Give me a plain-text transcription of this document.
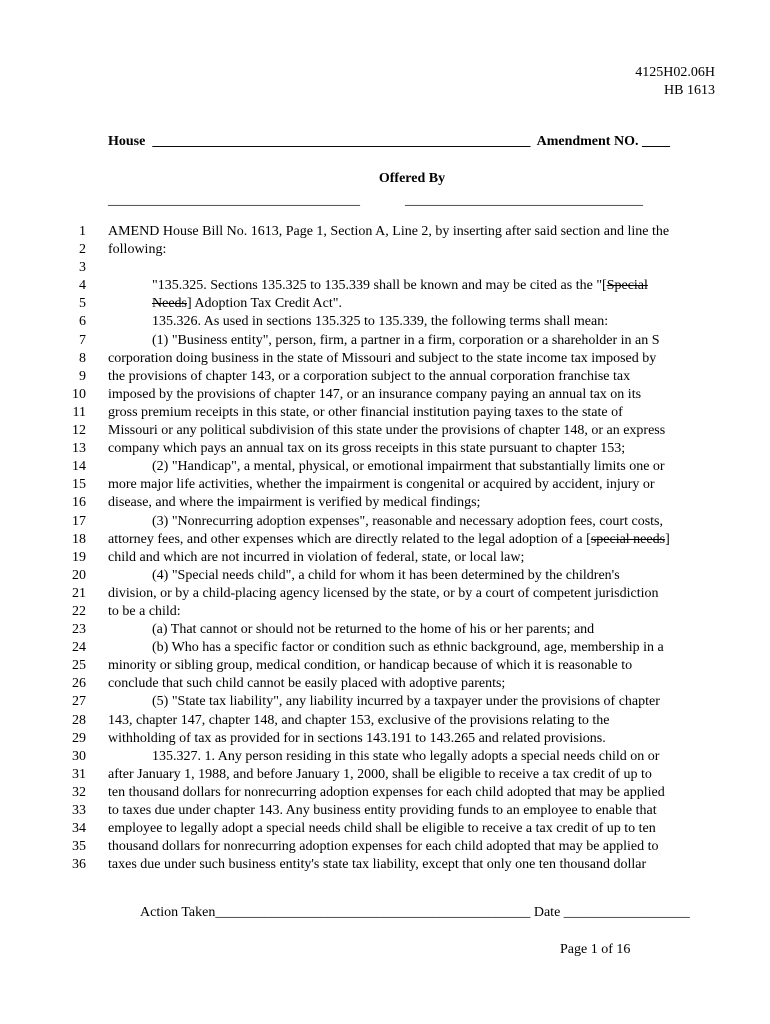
4125H02.06H
HB 1613
House  ______________________________________________________  Amendment NO. ____
Offered By
____________________________________	__________________________________
1
2
3
4
5
6
7
8
9
10
11
12
13
14
15
16
17
18
19
20
21
22
23
24
25
26
27
28
29
30
31
32
33
34
35
36
AMEND House Bill No. 1613, Page 1, Section A, Line 2, by inserting after said section and line the
following:
"135.325. Sections 135.325 to 135.339 shall be known and may be cited as the "[Special
Needs] Adoption Tax Credit Act".
135.326. As used in sections 135.325 to 135.339, the following terms shall mean:
(1) "Business entity", person, firm, a partner in a firm, corporation or a shareholder in an S
corporation doing business in the state of Missouri and subject to the state income tax imposed by
the provisions of chapter 143, or a corporation subject to the annual corporation franchise tax
imposed by the provisions of chapter 147, or an insurance company paying an annual tax on its
gross premium receipts in this state, or other financial institution paying taxes to the state of
Missouri or any political subdivision of this state under the provisions of chapter 148, or an express
company which pays an annual tax on its gross receipts in this state pursuant to chapter 153;
(2) "Handicap", a mental, physical, or emotional impairment that substantially limits one or
more major life activities, whether the impairment is congenital or acquired by accident, injury or
disease, and where the impairment is verified by medical findings;
(3) "Nonrecurring adoption expenses", reasonable and necessary adoption fees, court costs,
attorney fees, and other expenses which are directly related to the legal adoption of a [special needs]
child and which are not incurred in violation of federal, state, or local law;
(4) "Special needs child", a child for whom it has been determined by the children's
division, or by a child-placing agency licensed by the state, or by a court of competent jurisdiction
to be a child:
(a) That cannot or should not be returned to the home of his or her parents; and
(b) Who has a specific factor or condition such as ethnic background, age, membership in a
minority or sibling group, medical condition, or handicap because of which it is reasonable to
conclude that such child cannot be easily placed with adoptive parents;
(5) "State tax liability", any liability incurred by a taxpayer under the provisions of chapter
143, chapter 147, chapter 148, and chapter 153, exclusive of the provisions relating to the
withholding of tax as provided for in sections 143.191 to 143.265 and related provisions.
135.327. 1. Any person residing in this state who legally adopts a special needs child on or
after January 1, 1988, and before January 1, 2000, shall be eligible to receive a tax credit of up to
ten thousand dollars for nonrecurring adoption expenses for each child adopted that may be applied
to taxes due under chapter 143. Any business entity providing funds to an employee to enable that
employee to legally adopt a special needs child shall be eligible to receive a tax credit of up to ten
thousand dollars for nonrecurring adoption expenses for each child adopted that may be applied to
taxes due under such business entity's state tax liability, except that only one ten thousand dollar
Action Taken_____________________________________________ Date __________________
Page 1 of 16
